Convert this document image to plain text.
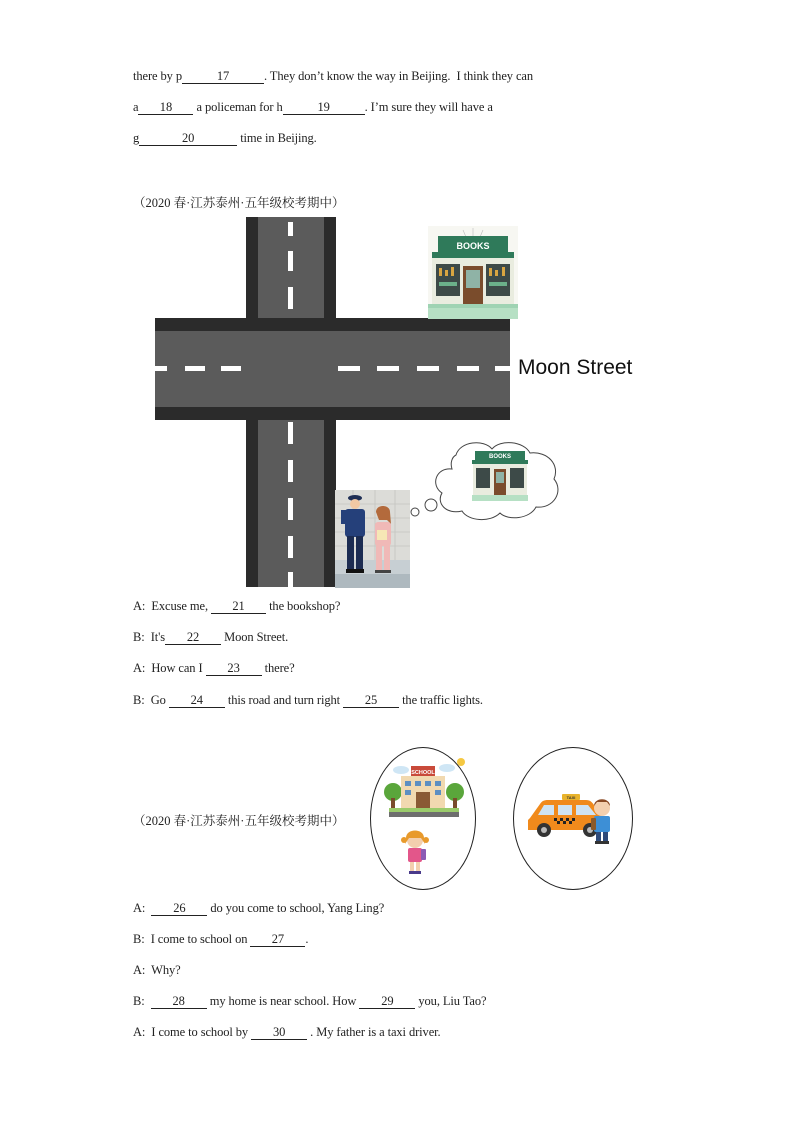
there by p	17	. They don’t know the way in Beijing. I think they can
a 18 a policeman for h	19	. I’m sure they will have a
g	20	time in Beijing.
（2020 春·江苏泰州·五年级校考期中）
BOOKS
Moon Street
BOOKS
A: Excuse me, 21 the bookshop?
B: It's 22 Moon Street.
A: How can I 23 there?
B: Go 24 this road and turn right 25 the traffic lights.
（2020 春·江苏泰州·五年级校考期中）
SCHOOL
TAXI
A: 26 do you come to school, Yang Ling?
B: I come to school on 27 .
A: Why?
B: 28 my home is near school. How 29 you, Liu Tao?
A: I come to school by 30 . My father is a taxi driver.
